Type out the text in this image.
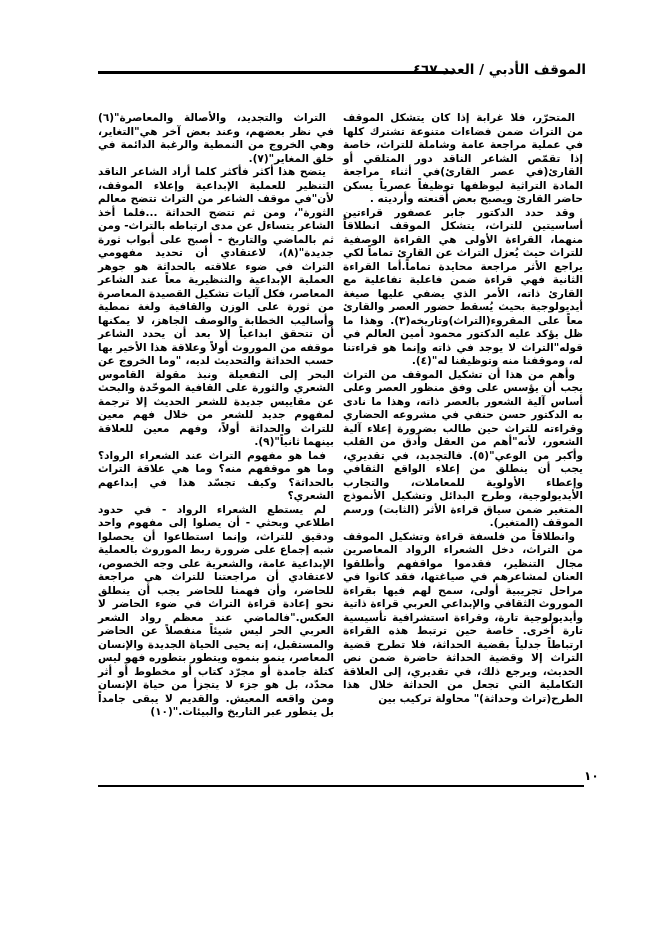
الموقف الأدبي / العدد ٤٦٧

المتحرّر، فلا غرابة إذا كان يتشكل الموقف من التراث ضمن فضاءات متنوعة تشترك كلها في عملية مراجعة عامة وشاملة للتراث، خاصة إذا تقمّص الشاعر الناقد دور المتلقي أو القارئ(في عصر القارئ)في أثناء مراجعة المادة التراثية ليوظفها توظيفاً عصرياً يسكن حاضر القارئ ويصبح بعض أقنعته وأرديته .

وقد حدد الدكتور جابر عصفور قراءتين أساسيتين للتراث، يتشكل الموقف انطلاقاً منهما، القراءة الأولى هي القراءة الوصفية للتراث حيث يُعزل التراث عن القارئ تماماً لكي يراجع الأثر مراجعة محايدة تماماً.أما القراءة الثانية فهي قراءة ضمن فاعلية تفاعلية مع القارئ ذاته، الأمر الذي يضفي عليها صيغة أيديولوجية بحيث يُسقط حضور العصر والقارئ معاً على المقروء(التراث)وتاريخه(٣). وهذا ما ظل يؤكد عليه الدكتور محمود أمين العالم في قوله"التراث لا يوجد في ذاته وإنما هو قراءتنا له، وموقفنا منه وتوظيفنا له"(٤).

وأهم من هذا أن تشكيل الموقف من التراث يجب أن يؤسس على وفق منظور العصر وعلى أساس آلية الشعور بالعصر ذاته، وهذا ما نادى به الدكتور حسن حنفي في مشروعه الحضاري وقراءته للتراث حين طالب بضرورة إعلاء آلية الشعور، لأنه"أهم من العقل وأدق من القلب وأكبر من الوعي"(٥). فالتجديد، في تقديري، يجب أن ينطلق من إعلاء الواقع الثقافي وإعطاء الأولوية للمعاملات، والتجارب الأيديولوجية، وطرح البدائل وتشكيل الأنموذج المتغير ضمن سياق قراءة الأثر (الثابت) ورسم الموقف (المتغير).

وانطلاقاً من فلسفة قراءة وتشكيل الموقف من التراث، دخل الشعراء الرواد المعاصرين مجال التنظير، فقدموا مواقفهم وأطلقوا العنان لمشاعرهم في صياغتها، فقد كانوا في مراحل تجريبية أولى، سمح لهم فيها بقراءة الموروث الثقافي والإبداعي العربي قراءة ذاتية وأيديولوجية تارة، وقراءة استشرافية تأسيسية تارة أخرى. خاصة حين ترتبط هذه القراءة ارتباطاً جدلياً بقضية الحداثة، فلا تطرح قضية التراث إلا وقضية الحداثة حاضرة ضمن نص الحديث، ويرجع ذلك، في تقديري، إلى العلاقة التكاملية التي تجعل من الحداثة خلال هذا الطرح(تراث وحداثة)" محاولة تركيب بين

التراث والتجديد، والأصالة والمعاصرة"(٦) في نظر بعضهم، وعند بعض آخر هي"التغاير، وهي الخروج من النمطية والرغبة الدائمة في خلق المغاير"(٧).

يتضح هذا أكثر فأكثر كلما أراد الشاعر الناقد التنظير للعملية الإبداعية وإعلاء الموقف، لأن"في موقف الشاعر من التراث تتضح معالم الثورة"، ومن ثم تتضح الحداثة ...فلما أخذ الشاعر يتساءل عن مدى ارتباطه بالتراث- ومن ثم بالماضي والتاريخ - أصبح على أبواب ثورة جديدة"(٨)، لاعتقادي أن تحديد مفهومي التراث في ضوء علاقته بالحداثة هو جوهر العملية الإبداعية والتنظيرية معاً عند الشاعر المعاصر، فكل آليات تشكيل القصيدة المعاصرة من ثورة على الوزن والقافية ولغة نمطية وأساليب الخطابة والوصف الجاهز، لا يمكنها أن تتحقق ابداعياً إلا بعد أن يحدد الشاعر موقفه من الموروث أولاً وعلاقة هذا الأخير بها حسب الحداثة والتحديث لديه، "وما الخروج عن البحر إلى التفعيلة ونبذ مقولة القاموس الشعري والثورة على القافية الموحّدة والبحث عن مقاييس جديدة للشعر الحديث إلا ترجمة لمفهوم جديد للشعر من خلال فهم معين للتراث والحداثة أولاً، وفهم معين للعلاقة بينهما ثانياً"(٩).

فما هو مفهوم التراث عند الشعراء الرواد؟ وما هو موقفهم منه؟ وما هي علاقة التراث بالحداثة؟ وكيف تجسّد هذا في إبداعهم الشعري؟

لم يستطع الشعراء الرواد - في حدود اطلاعي وبحثي - أن يصلوا إلى مفهوم واحد ودقيق للتراث، وإنما استطاعوا أن يحصلوا شبه إجماع على ضرورة ربط الموروث بالعملية الإبداعية عامة، والشعرية على وجه الخصوص، لاعتقادي أن مراجعتنا للتراث هي مراجعة للحاضر، وأن فهمنا للحاضر يجب أن ينطلق نحو إعادة قراءة التراث في ضوء الحاضر لا العكس."فالماضي عند معظم رواد الشعر العربي الحر ليس شيئاً منفصلاً عن الحاضر والمستقبل، إنه يحيى الحياة الجديدة والإنسان المعاصر، ينمو بنموه ويتطور بتطوره فهو ليس كتلة جامدة أو مجرّد كتاب أو مخطوط أو أثر محدّد، بل هو جزء لا يتجزأ من حياة الإنسان ومن واقعه المعيش. والقديم لا يبقى جامداً بل يتطور عبر التاريخ والبيئات."(١٠)

١٠
